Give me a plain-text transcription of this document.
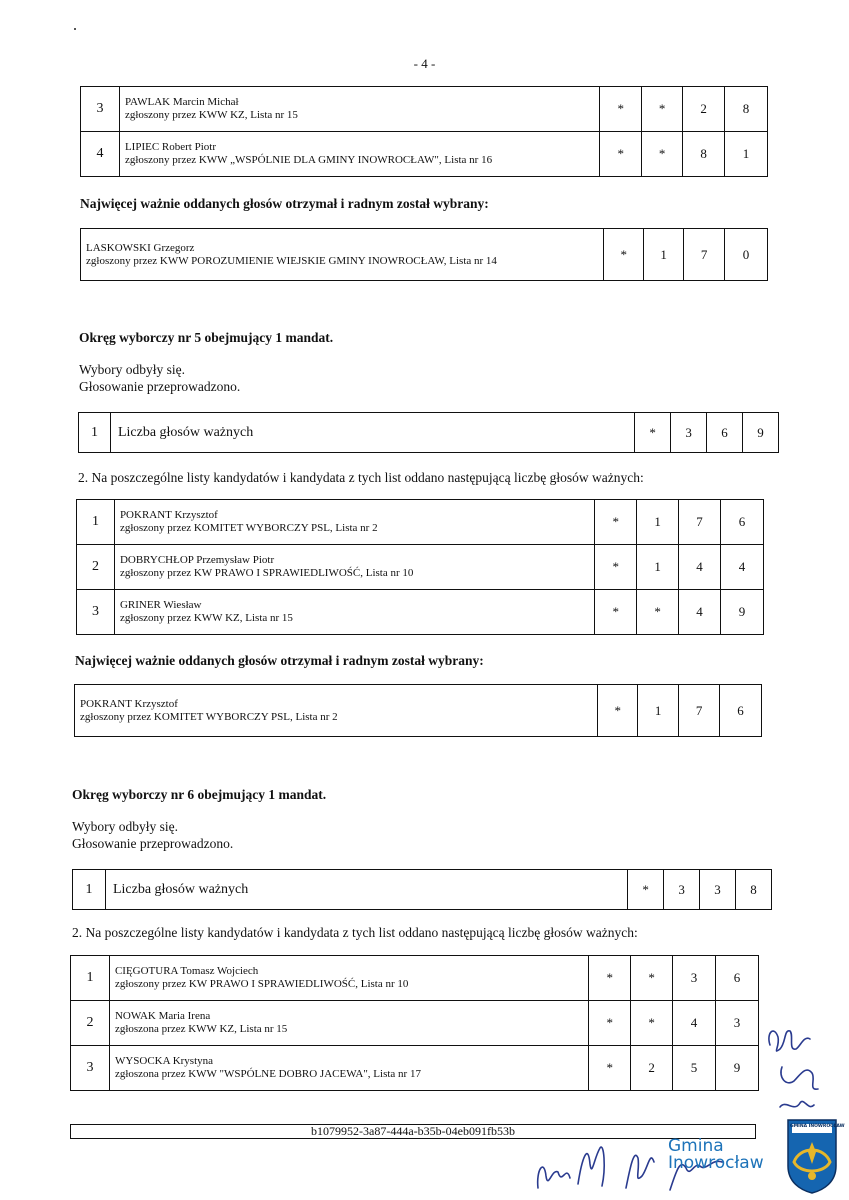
- 4 -
3	PAWLAK Marcin Michał
zgłoszony przez KWW KZ, Lista nr 15	*	*	2	8
4	LIPIEC Robert Piotr
zgłoszony przez KWW „WSPÓLNIE DLA GMINY INOWROCŁAW", Lista nr 16	*	*	8	1
Najwięcej ważnie oddanych głosów otrzymał i radnym został wybrany:
LASKOWSKI Grzegorz
zgłoszony przez KWW POROZUMIENIE WIEJSKIE GMINY INOWROCŁAW, Lista nr 14	*	1	7	0
Okręg wyborczy nr 5 obejmujący 1 mandat.
Wybory odbyły się.
Głosowanie przeprowadzono.
1	Liczba głosów ważnych	*	3	6	9
2. Na poszczególne listy kandydatów i kandydata z tych list oddano następującą liczbę głosów ważnych:
1	POKRANT Krzysztof
zgłoszony przez KOMITET WYBORCZY PSL, Lista nr 2	*	1	7	6
2	DOBRYCHŁOP Przemysław Piotr
zgłoszony przez KW PRAWO I SPRAWIEDLIWOŚĆ, Lista nr 10	*	1	4	4
3	GRINER Wiesław
zgłoszony przez KWW KZ, Lista nr 15	*	*	4	9
Najwięcej ważnie oddanych głosów otrzymał i radnym został wybrany:
POKRANT Krzysztof
zgłoszony przez KOMITET WYBORCZY PSL, Lista nr 2	*	1	7	6
Okręg wyborczy nr 6 obejmujący 1 mandat.
Wybory odbyły się.
Głosowanie przeprowadzono.
1	Liczba głosów ważnych	*	3	3	8
2. Na poszczególne listy kandydatów i kandydata z tych list oddano następującą liczbę głosów ważnych:
1	CIĘGOTURA Tomasz Wojciech
zgłoszony przez KW PRAWO I SPRAWIEDLIWOŚĆ, Lista nr 10	*	*	3	6
2	NOWAK Maria Irena
zgłoszona przez KWW KZ, Lista nr 15	*	*	4	3
3	WYSOCKA Krystyna
zgłoszona przez KWW "WSPÓLNE DOBRO JACEWA", Lista nr 17	*	2	5	9
b1079952-3a87-444a-b35b-04eb091fb53b
Gmina
Inowrocław
GMINA INOWROCŁAW
